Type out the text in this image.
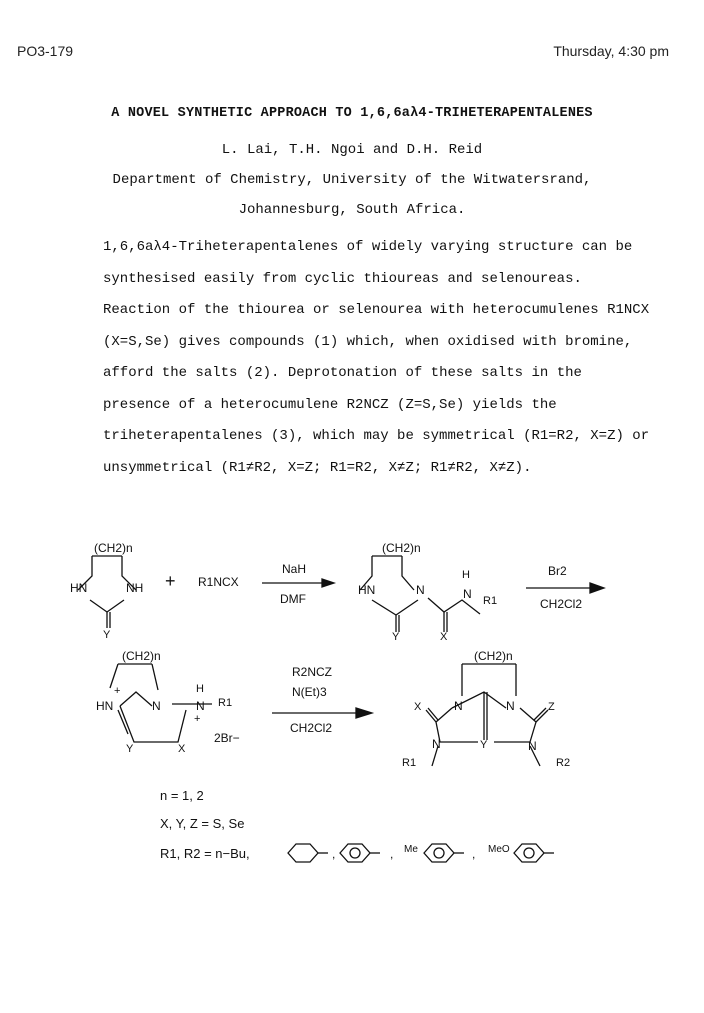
PO3-179	Thursday, 4:30 pm
A NOVEL SYNTHETIC APPROACH TO 1,6,6aλ4-TRIHETERAPENTALENES
L. Lai, T.H. Ngoi and D.H. Reid
Department of Chemistry, University of the Witwatersrand,
Johannesburg, South Africa.

1,6,6aλ4-Triheterapentalenes of widely varying structure can be synthesised easily from cyclic thioureas and selenoureas. Reaction of the thiourea or selenourea with heterocumulenes R1NCX (X=S,Se) gives compounds (1) which, when oxidised with bromine, afford the salts (2). Deprotonation of these salts in the presence of a heterocumulene R2NCZ (Z=S,Se) yields the triheterapentalenes (3), which may be symmetrical (R1=R2, X=Z) or unsymmetrical (R1≠R2, X=Z; R1=R2, X≠Z; R1≠R2, X≠Z).

(CH2)n
HN	NH
Y
+ R1NCX
NaH
DMF
(CH2)n
HN	N
H
N R1
Y	X
Br2
CH2Cl2
(CH2)n
+
HN	N
H
N
+
R1
Y	X
2Br−
R2NCZ
N(Et)3
CH2Cl2
(CH2)n
X	N	N	Z
N	Y	N
R1	R2
n = 1, 2
X, Y, Z = S, Se
R1, R2 = n−Bu,	,	, Me	, MeO
